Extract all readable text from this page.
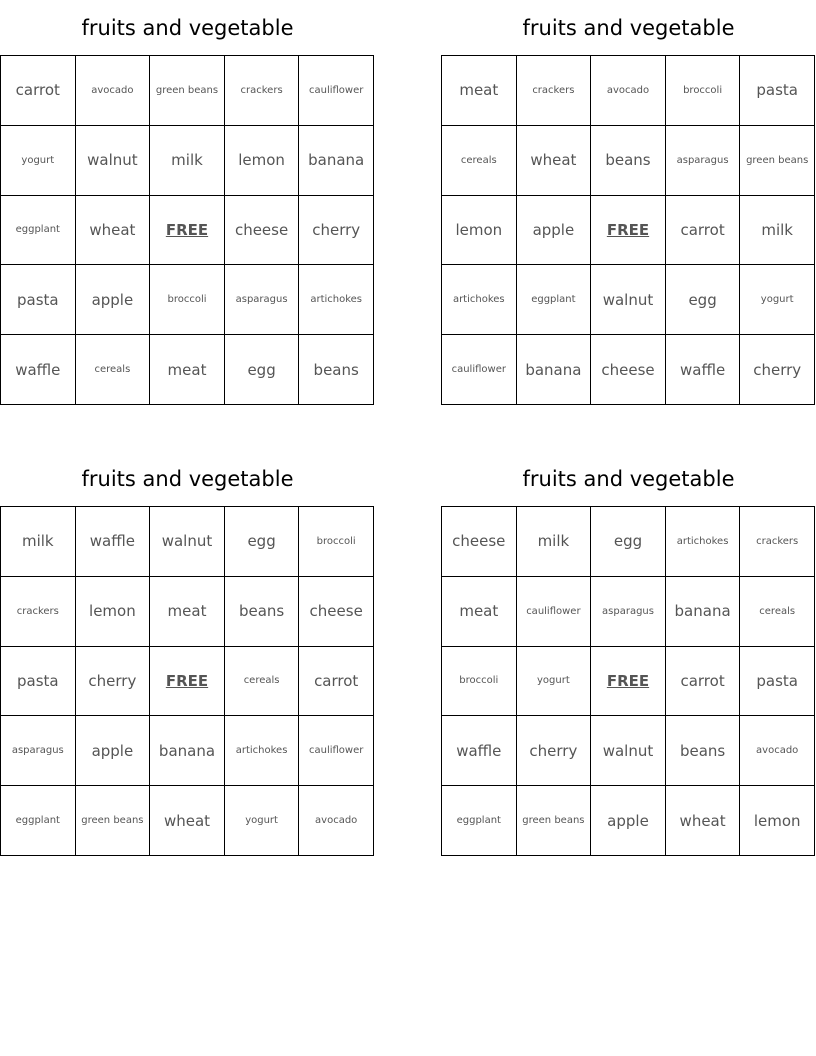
fruits and vegetable
carrot	avocado	green beans	crackers	cauliflower
yogurt	walnut	milk	lemon	banana
eggplant	wheat	FREE	cheese	cherry
pasta	apple	broccoli	asparagus	artichokes
waffle	cereals	meat	egg	beans
fruits and vegetable
meat	crackers	avocado	broccoli	pasta
cereals	wheat	beans	asparagus	green beans
lemon	apple	FREE	carrot	milk
artichokes	eggplant	walnut	egg	yogurt
cauliflower	banana	cheese	waffle	cherry
fruits and vegetable
milk	waffle	walnut	egg	broccoli
crackers	lemon	meat	beans	cheese
pasta	cherry	FREE	cereals	carrot
asparagus	apple	banana	artichokes	cauliflower
eggplant	green beans	wheat	yogurt	avocado
fruits and vegetable
cheese	milk	egg	artichokes	crackers
meat	cauliflower	asparagus	banana	cereals
broccoli	yogurt	FREE	carrot	pasta
waffle	cherry	walnut	beans	avocado
eggplant	green beans	apple	wheat	lemon
